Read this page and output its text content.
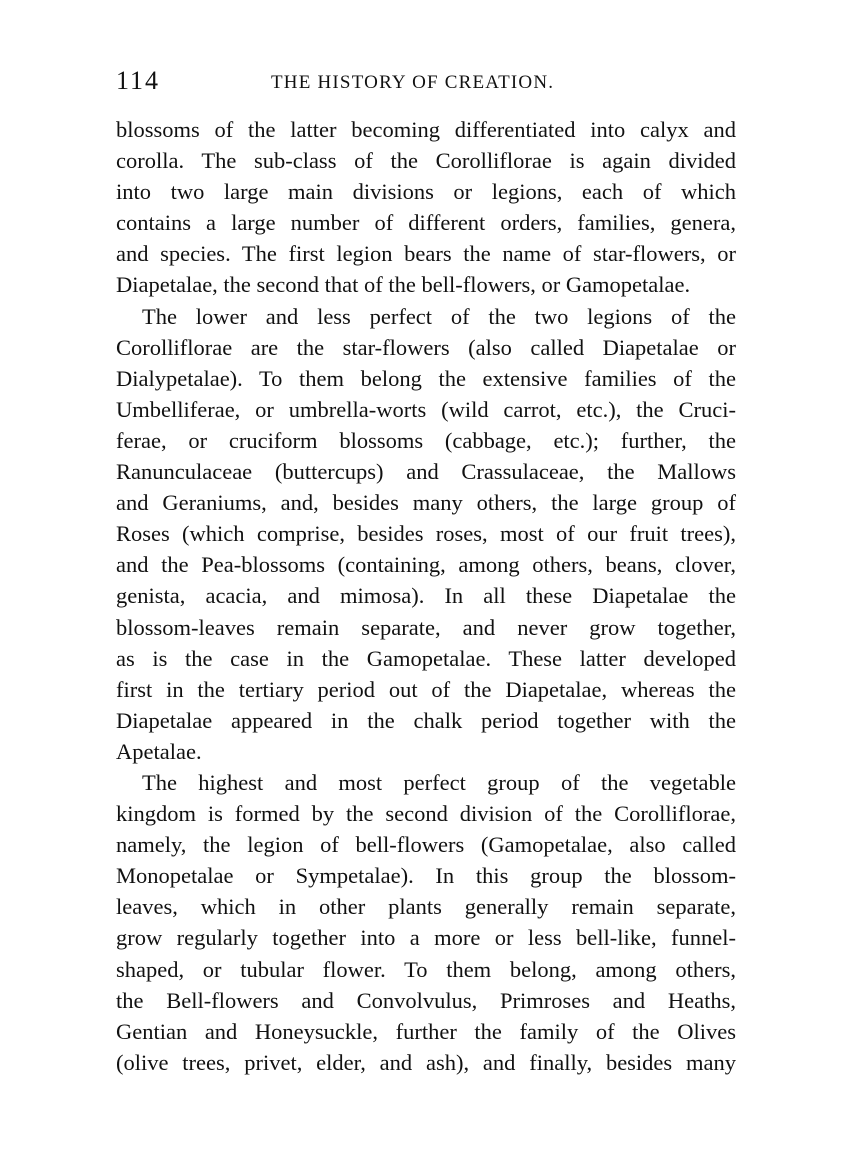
114	THE HISTORY OF CREATION.
blossoms of the latter becoming differentiated into calyx and
corolla. The sub-class of the Corolliflorae is again divided
into two large main divisions or legions, each of which
contains a large number of different orders, families, genera,
and species. The first legion bears the name of star-flowers, or
Diapetalae, the second that of the bell-flowers, or Gamopetalae.
The lower and less perfect of the two legions of the
Corolliflorae are the star-flowers (also called Diapetalae or
Dialypetalae). To them belong the extensive families of the
Umbelliferae, or umbrella-worts (wild carrot, etc.), the Cruci-
ferae, or cruciform blossoms (cabbage, etc.); further, the
Ranunculaceae (buttercups) and Crassulaceae, the Mallows
and Geraniums, and, besides many others, the large group of
Roses (which comprise, besides roses, most of our fruit trees),
and the Pea-blossoms (containing, among others, beans, clover,
genista, acacia, and mimosa). In all these Diapetalae the
blossom-leaves remain separate, and never grow together,
as is the case in the Gamopetalae. These latter developed
first in the tertiary period out of the Diapetalae, whereas the
Diapetalae appeared in the chalk period together with the
Apetalae.
The highest and most perfect group of the vegetable
kingdom is formed by the second division of the Corolliflorae,
namely, the legion of bell-flowers (Gamopetalae, also called
Monopetalae or Sympetalae). In this group the blossom-
leaves, which in other plants generally remain separate,
grow regularly together into a more or less bell-like, funnel-
shaped, or tubular flower. To them belong, among others,
the Bell-flowers and Convolvulus, Primroses and Heaths,
Gentian and Honeysuckle, further the family of the Olives
(olive trees, privet, elder, and ash), and finally, besides many
